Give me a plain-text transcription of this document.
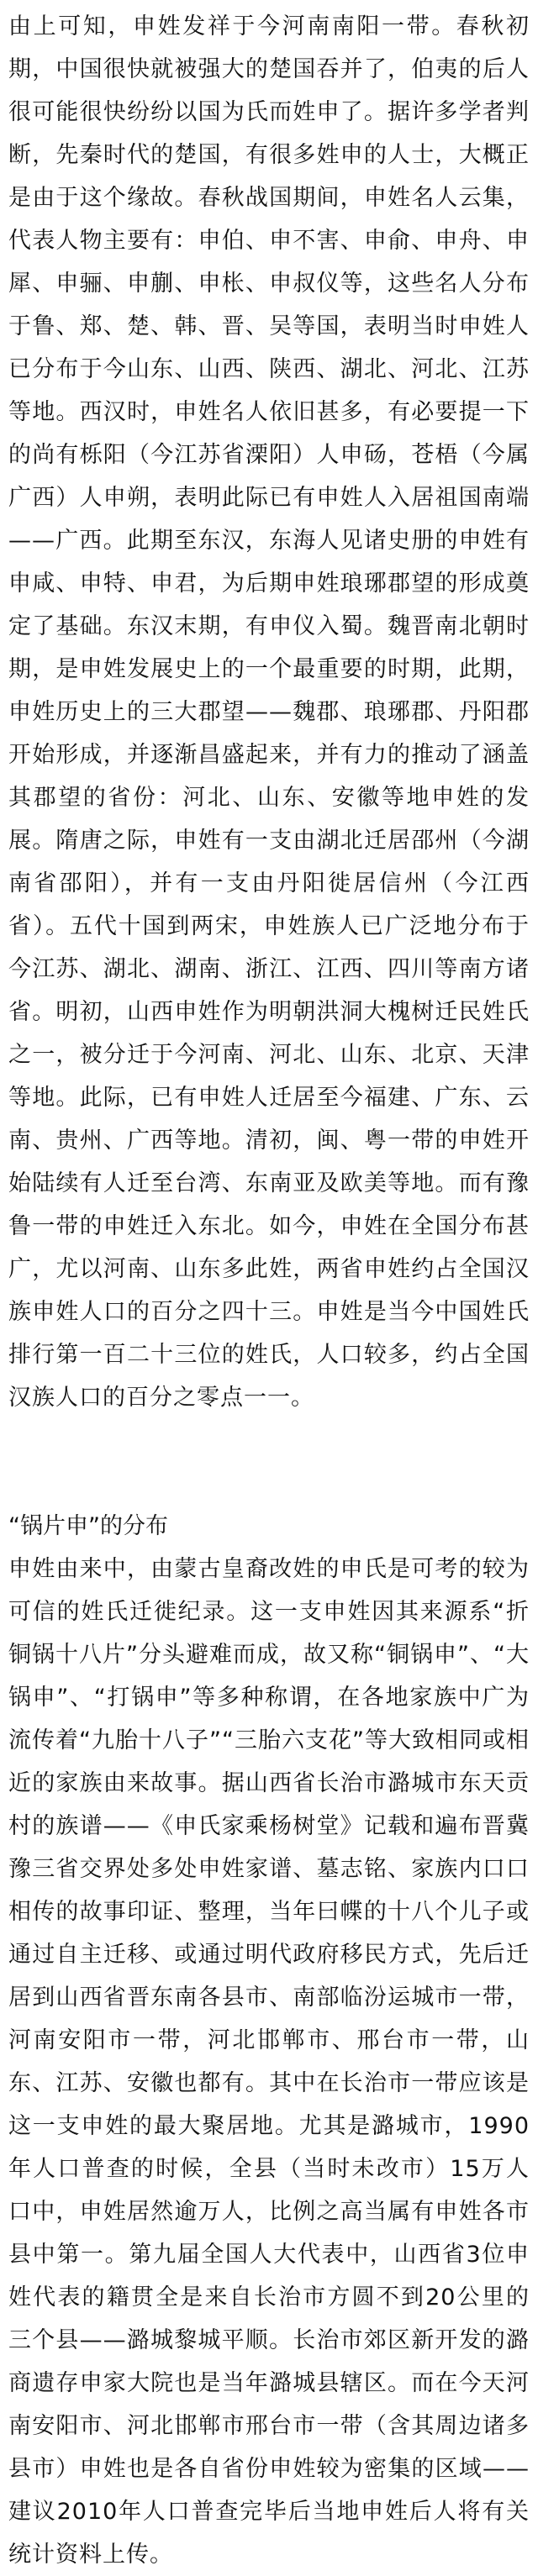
由上可知，申姓发祥于今河南南阳一带。春秋初期，中国很快就被强大的楚国吞并了，伯夷的后人很可能很快纷纷以国为氏而姓申了。据许多学者判断，先秦时代的楚国，有很多姓申的人士，大概正是由于这个缘故。春秋战国期间，申姓名人云集，代表人物主要有：申伯、申不害、申俞、申舟、申犀、申骊、申蒯、申枨、申叔仪等，这些名人分布于鲁、郑、楚、韩、晋、吴等国，表明当时申姓人已分布于今山东、山西、陕西、湖北、河北、江苏等地。西汉时，申姓名人依旧甚多，有必要提一下的尚有栎阳（今江苏省溧阳）人申砀，苍梧（今属广西）人申朔，表明此际已有申姓人入居祖国南端——广西。此期至东汉，东海人见诸史册的申姓有申咸、申特、申君，为后期申姓琅琊郡望的形成奠定了基础。东汉末期，有申仪入蜀。魏晋南北朝时期，是申姓发展史上的一个最重要的时期，此期，申姓历史上的三大郡望——魏郡、琅琊郡、丹阳郡开始形成，并逐渐昌盛起来，并有力的推动了涵盖其郡望的省份：河北、山东、安徽等地申姓的发展。隋唐之际，申姓有一支由湖北迁居邵州（今湖南省邵阳），并有一支由丹阳徙居信州（今江西省）。五代十国到两宋，申姓族人已广泛地分布于今江苏、湖北、湖南、浙江、江西、四川等南方诸省。明初，山西申姓作为明朝洪洞大槐树迁民姓氏之一，被分迁于今河南、河北、山东、北京、天津等地。此际，已有申姓人迁居至今福建、广东、云南、贵州、广西等地。清初，闽、粤一带的申姓开始陆续有人迁至台湾、东南亚及欧美等地。而有豫鲁一带的申姓迁入东北。如今，申姓在全国分布甚广，尤以河南、山东多此姓，两省申姓约占全国汉族申姓人口的百分之四十三。申姓是当今中国姓氏排行第一百二十三位的姓氏，人口较多，约占全国汉族人口的百分之零点一一。

“锅片申”的分布

申姓由来中，由蒙古皇裔改姓的申氏是可考的较为可信的姓氏迁徙纪录。这一支申姓因其来源系“折铜锅十八片”分头避难而成，故又称“铜锅申”、“大锅申”、“打锅申”等多种称谓，在各地家族中广为流传着“九胎十八子”“三胎六支花”等大致相同或相近的家族由来故事。据山西省长治市潞城市东天贡村的族谱——《申氏家乘杨树堂》记载和遍布晋冀豫三省交界处多处申姓家谱、墓志铭、家族内口口相传的故事印证、整理，当年曰幉的十八个儿子或通过自主迁移、或通过明代政府移民方式，先后迁居到山西省晋东南各县市、南部临汾运城市一带，河南安阳市一带，河北邯郸市、邢台市一带，山东、江苏、安徽也都有。其中在长治市一带应该是这一支申姓的最大聚居地。尤其是潞城市，1990年人口普查的时候，全县（当时未改市）15万人口中，申姓居然逾万人，比例之高当属有申姓各市县中第一。第九届全国人大代表中，山西省3位申姓代表的籍贯全是来自长治市方圆不到20公里的三个县——潞城黎城平顺。长治市郊区新开发的潞商遗存申家大院也是当年潞城县辖区。而在今天河南安阳市、河北邯郸市邢台市一带（含其周边诸多县市）申姓也是各自省份申姓较为密集的区域——建议2010年人口普查完毕后当地申姓后人将有关统计资料上传。
